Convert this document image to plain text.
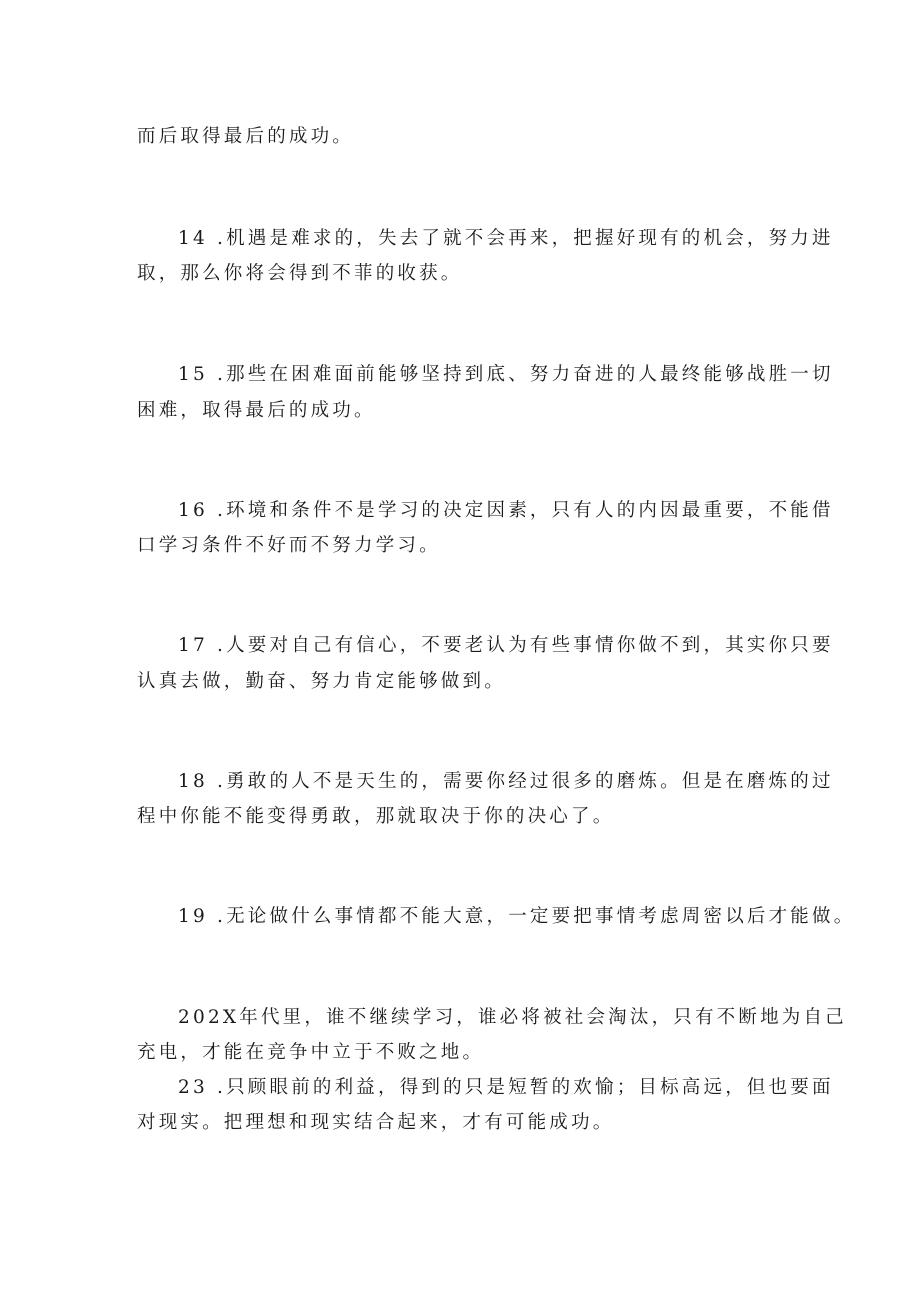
而后取得最后的成功。

14 .机遇是难求的，失去了就不会再来，把握好现有的机会，努力进

取，那么你将会得到不菲的收获。

15 .那些在困难面前能够坚持到底、努力奋进的人最终能够战胜一切

困难，取得最后的成功。

16 .环境和条件不是学习的决定因素，只有人的内因最重要，不能借

口学习条件不好而不努力学习。

17 .人要对自己有信心，不要老认为有些事情你做不到，其实你只要

认真去做，勤奋、努力肯定能够做到。

18 .勇敢的人不是天生的，需要你经过很多的磨炼。但是在磨炼的过

程中你能不能变得勇敢，那就取决于你的决心了。

19 .无论做什么事情都不能大意，一定要把事情考虑周密以后才能做。

202X年代里，谁不继续学习，谁必将被社会淘汰，只有不断地为自己

充电，才能在竞争中立于不败之地。

23 .只顾眼前的利益，得到的只是短暂的欢愉；目标高远，但也要面

对现实。把理想和现实结合起来，才有可能成功。
